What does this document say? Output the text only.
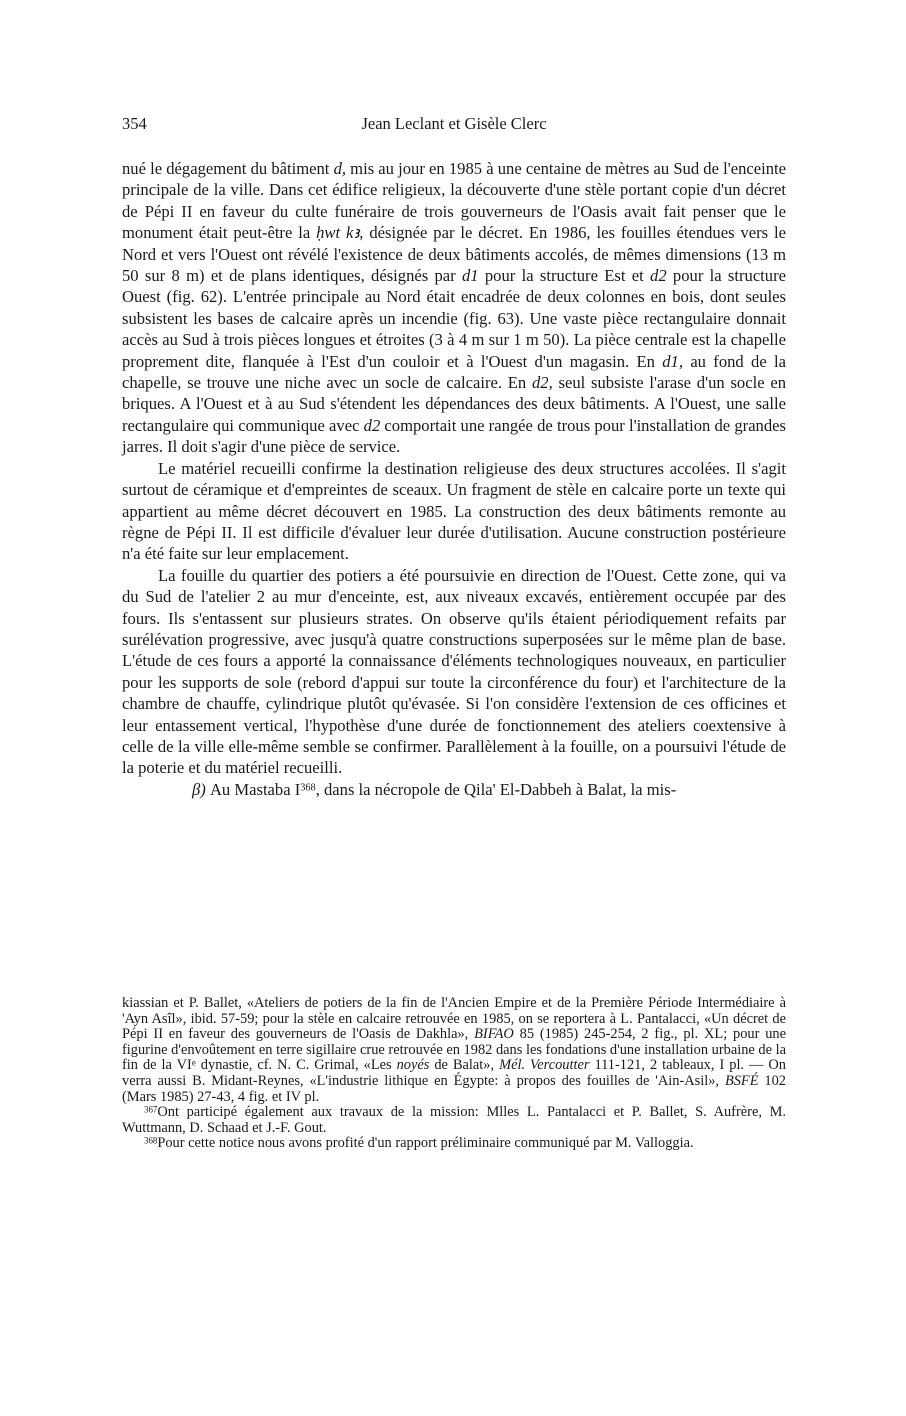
354	Jean Leclant et Gisèle Clerc

nué le dégagement du bâtiment d, mis au jour en 1985 à une centaine de mètres au Sud de l'enceinte principale de la ville. Dans cet édifice religieux, la découverte d'une stèle portant copie d'un décret de Pépi II en faveur du culte funéraire de trois gouverneurs de l'Oasis avait fait penser que le monument était peut-être la ḥwt kꜣ, désignée par le décret. En 1986, les fouilles étendues vers le Nord et vers l'Ouest ont révélé l'existence de deux bâtiments accolés, de mêmes dimensions (13 m 50 sur 8 m) et de plans identiques, désignés par d1 pour la structure Est et d2 pour la structure Ouest (fig. 62). L'entrée principale au Nord était encadrée de deux colonnes en bois, dont seules subsistent les bases de calcaire après un incendie (fig. 63). Une vaste pièce rectangulaire donnait accès au Sud à trois pièces longues et étroites (3 à 4 m sur 1 m 50). La pièce centrale est la chapelle proprement dite, flanquée à l'Est d'un couloir et à l'Ouest d'un magasin. En d1, au fond de la chapelle, se trouve une niche avec un socle de calcaire. En d2, seul subsiste l'arase d'un socle en briques. A l'Ouest et à au Sud s'étendent les dépendances des deux bâtiments. A l'Ouest, une salle rectangulaire qui communique avec d2 comportait une rangée de trous pour l'installation de grandes jarres. Il doit s'agir d'une pièce de service.

Le matériel recueilli confirme la destination religieuse des deux structures accolées. Il s'agit surtout de céramique et d'empreintes de sceaux. Un fragment de stèle en calcaire porte un texte qui appartient au même décret découvert en 1985. La construction des deux bâtiments remonte au règne de Pépi II. Il est difficile d'évaluer leur durée d'utilisation. Aucune construction postérieure n'a été faite sur leur emplacement.

La fouille du quartier des potiers a été poursuivie en direction de l'Ouest. Cette zone, qui va du Sud de l'atelier 2 au mur d'enceinte, est, aux niveaux excavés, entièrement occupée par des fours. Ils s'entassent sur plusieurs strates. On observe qu'ils étaient périodiquement refaits par surélévation progressive, avec jusqu'à quatre constructions superposées sur le même plan de base. L'étude de ces fours a apporté la connaissance d'éléments technologiques nouveaux, en particulier pour les supports de sole (rebord d'appui sur toute la circonférence du four) et l'architecture de la chambre de chauffe, cylindrique plutôt qu'évasée. Si l'on considère l'extension de ces officines et leur entassement vertical, l'hypothèse d'une durée de fonctionnement des ateliers coextensive à celle de la ville elle-même semble se confirmer. Parallèlement à la fouille, on a poursuivi l'étude de la poterie et du matériel recueilli.

β) Au Mastaba $I^{368}$, dans la nécropole de Qila' El-Dabbeh à Balat, la mis-

kiassian et P. Ballet, «Ateliers de potiers de la fin de l'Ancien Empire et de la Première Période Intermédiaire à 'Ayn Asîl», ibid. 57-59; pour la stèle en calcaire retrouvée en 1985, on se reportera à L. Pantalacci, «Un décret de Pépi II en faveur des gouverneurs de l'Oasis de Dakhla», BIFAO 85 (1985) 245-254, 2 fig., pl. XL; pour une figurine d'envoûtement en terre sigillaire crue retrouvée en 1982 dans les fondations d'une installation urbaine de la fin de la VIe dynastie, cf. N. C. Grimal, «Les noyés de Balat», Mél. Vercoutter 111-121, 2 tableaux, I pl. — On verra aussi B. Midant-Reynes, «L'industrie lithique en Égypte: à propos des fouilles de 'Ain-Asil», BSFÉ 102 (Mars 1985) 27-43, 4 fig. et IV pl.

$^{367}$Ont participé également aux travaux de la mission: Mlles L. Pantalacci et P. Ballet, S. Aufrère, M. Wuttmann, D. Schaad et J.-F. Gout.

$^{368}$Pour cette notice nous avons profité d'un rapport préliminaire communiqué par M. Valloggia.
